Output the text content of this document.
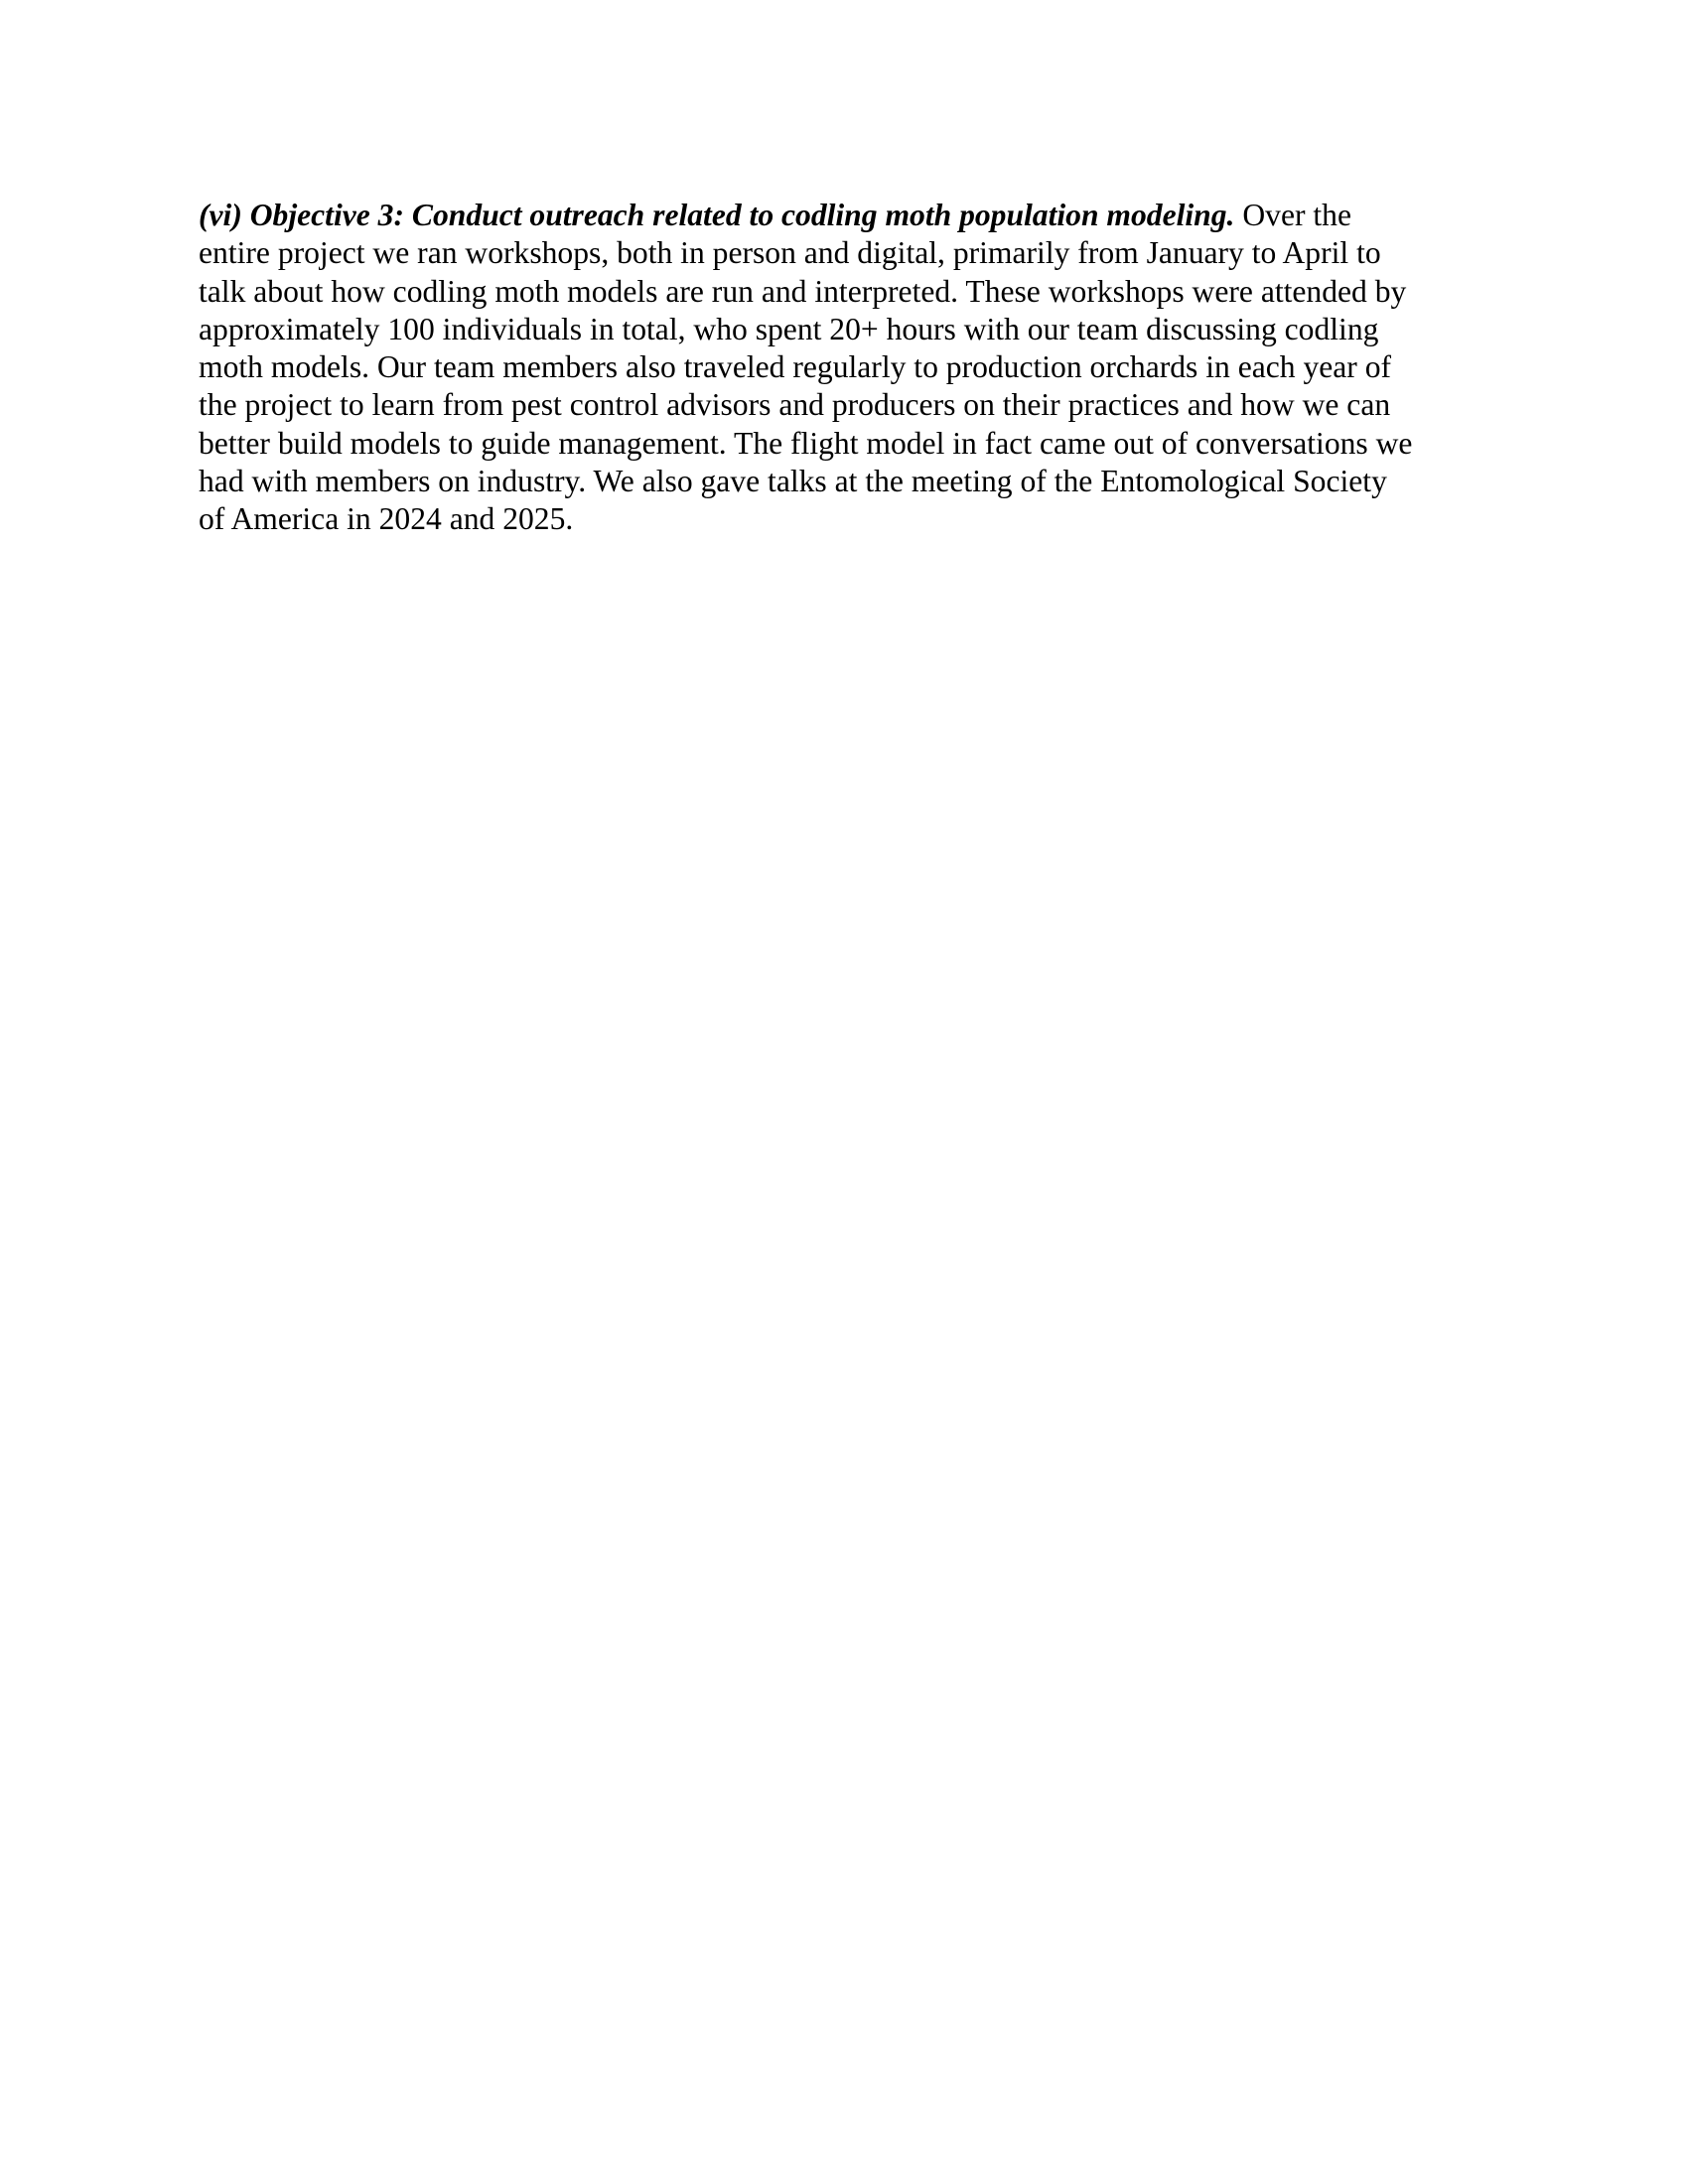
(vi) Objective 3: Conduct outreach related to codling moth population modeling. Over the
entire project we ran workshops, both in person and digital, primarily from January to April to
talk about how codling moth models are run and interpreted. These workshops were attended by
approximately 100 individuals in total, who spent 20+ hours with our team discussing codling
moth models. Our team members also traveled regularly to production orchards in each year of
the project to learn from pest control advisors and producers on their practices and how we can
better build models to guide management. The flight model in fact came out of conversations we
had with members on industry. We also gave talks at the meeting of the Entomological Society
of America in 2024 and 2025.
